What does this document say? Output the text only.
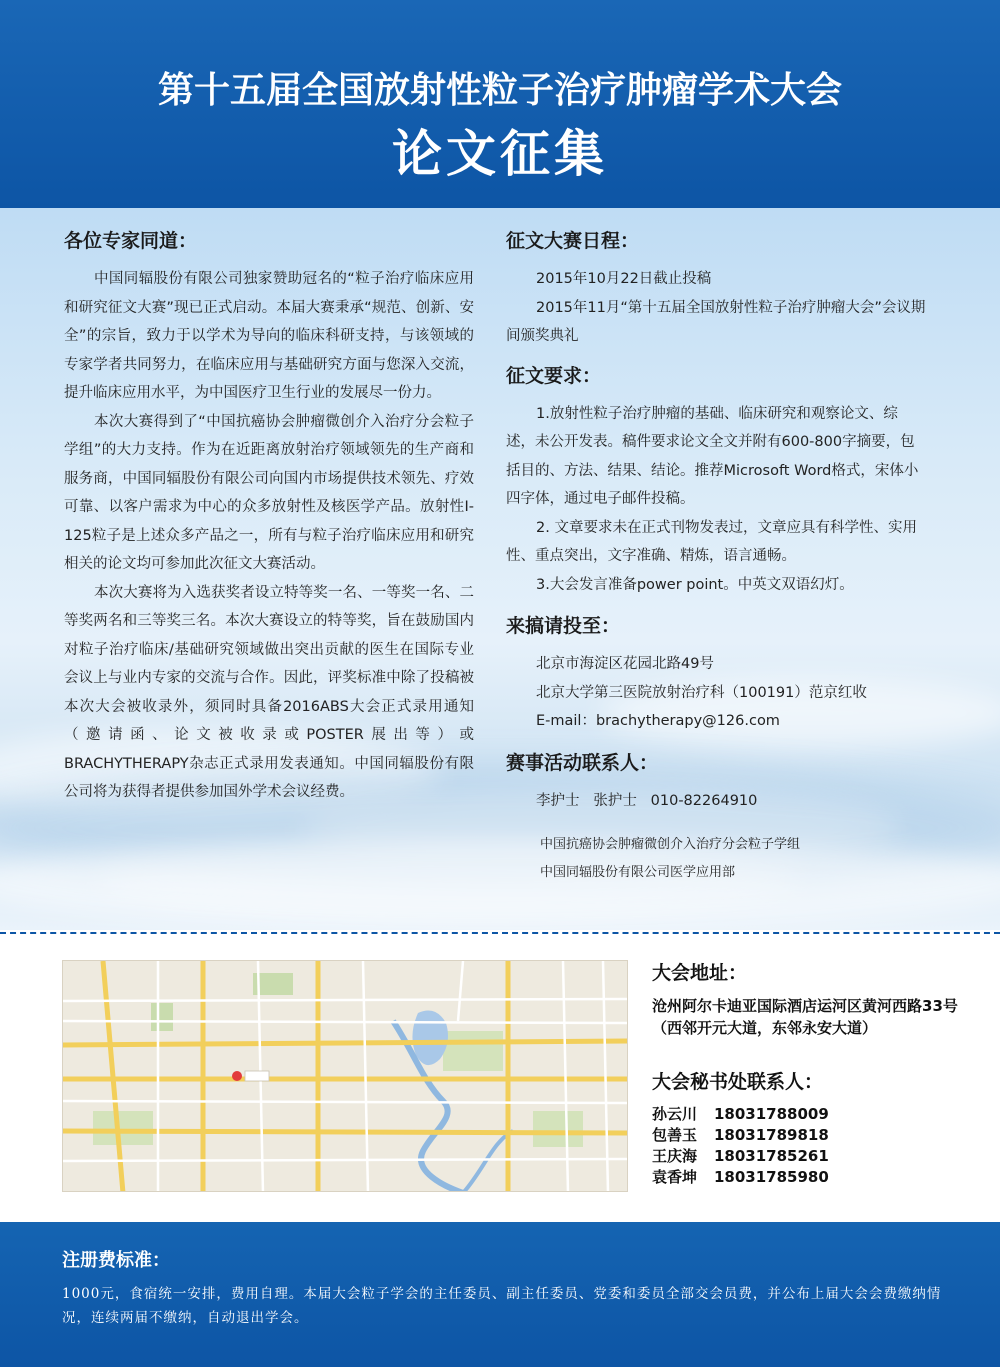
第十五届全国放射性粒子治疗肿瘤学术大会
论文征集
各位专家同道：
中国同辐股份有限公司独家赞助冠名的“粒子治疗临床应用和研究征文大赛”现已正式启动。本届大赛秉承“规范、创新、安全”的宗旨，致力于以学术为导向的临床科研支持，与该领域的专家学者共同努力，在临床应用与基础研究方面与您深入交流，提升临床应用水平，为中国医疗卫生行业的发展尽一份力。
本次大赛得到了“中国抗癌协会肿瘤微创介入治疗分会粒子学组”的大力支持。作为在近距离放射治疗领域领先的生产商和服务商，中国同辐股份有限公司向国内市场提供技术领先、疗效可靠、以客户需求为中心的众多放射性及核医学产品。放射性I-125粒子是上述众多产品之一，所有与粒子治疗临床应用和研究相关的论文均可参加此次征文大赛活动。
本次大赛将为入选获奖者设立特等奖一名、一等奖一名、二等奖两名和三等奖三名。本次大赛设立的特等奖，旨在鼓励国内对粒子治疗临床/基础研究领域做出突出贡献的医生在国际专业会议上与业内专家的交流与合作。因此，评奖标准中除了投稿被本次大会被收录外，须同时具备2016ABS大会正式录用通知（邀请函、论文被收录或POSTER展出等）或BRACHYTHERAPY杂志正式录用发表通知。中国同辐股份有限公司将为获得者提供参加国外学术会议经费。
征文大赛日程：
2015年10月22日截止投稿
2015年11月“第十五届全国放射性粒子治疗肿瘤大会”会议期间颁奖典礼
征文要求：
1.放射性粒子治疗肿瘤的基础、临床研究和观察论文、综述，未公开发表。稿件要求论文全文并附有600-800字摘要，包括目的、方法、结果、结论。推荐Microsoft Word格式，宋体小四字体，通过电子邮件投稿。
2. 文章要求未在正式刊物发表过，文章应具有科学性、实用性、重点突出，文字准确、精炼，语言通畅。
3.大会发言准备power point。中英文双语幻灯。
来搞请投至：
北京市海淀区花园北路49号
北京大学第三医院放射治疗科（100191）范京红收
E-mail：brachytherapy@126.com
赛事活动联系人：
李护士   张护士   010-82264910
中国抗癌协会肿瘤微创介入治疗分会粒子学组
中国同辐股份有限公司医学应用部
大会地址：
沧州阿尔卡迪亚国际酒店运河区黄河西路33号（西邻开元大道，东邻永安大道）
大会秘书处联系人：
孙云川 18031788009
包善玉 18031789818
王庆海 18031785261
袁香坤 18031785980
注册费标准：
1000元，食宿统一安排，费用自理。本届大会粒子学会的主任委员、副主任委员、党委和委员全部交会员费，并公布上届大会会费缴纳情况，连续两届不缴纳，自动退出学会。
